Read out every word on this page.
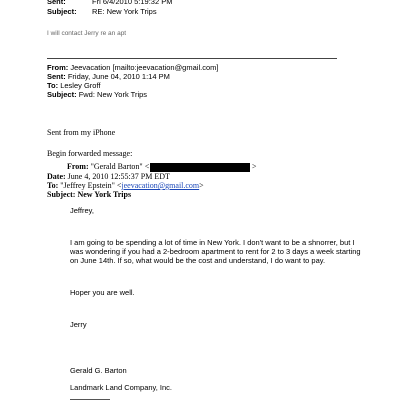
Sent:	Fri 6/4/2010 5:19:32 PM
Subject: RE: New York Trips
I will contact Jerry re an apt
From: Jeevacation [mailto:jeevacation@gmail.com]
Sent: Friday, June 04, 2010 1:14 PM
To: Lesley Groff
Subject: Fwd: New York Trips
Sent from my iPhone
Begin forwarded message:
From: "Gerald Barton" <	>
Date: June 4, 2010 12:55:37 PM EDT
To: "Jeffrey Epstein" <jeevacation@gmail.com>
Subject: New York Trips
Jeffrey,
I am going to be spending a lot of time in New York. I don't want to be a shnorrer, but I
was wondering if you had a 2-bedroom apartment to rent for 2 to 3 days a week starting
on June 14th. If so, what would be the cost and understand, I do want to pay.
Hoper you are well.
Jerry
Gerald G. Barton
Landmark Land Company, Inc.
